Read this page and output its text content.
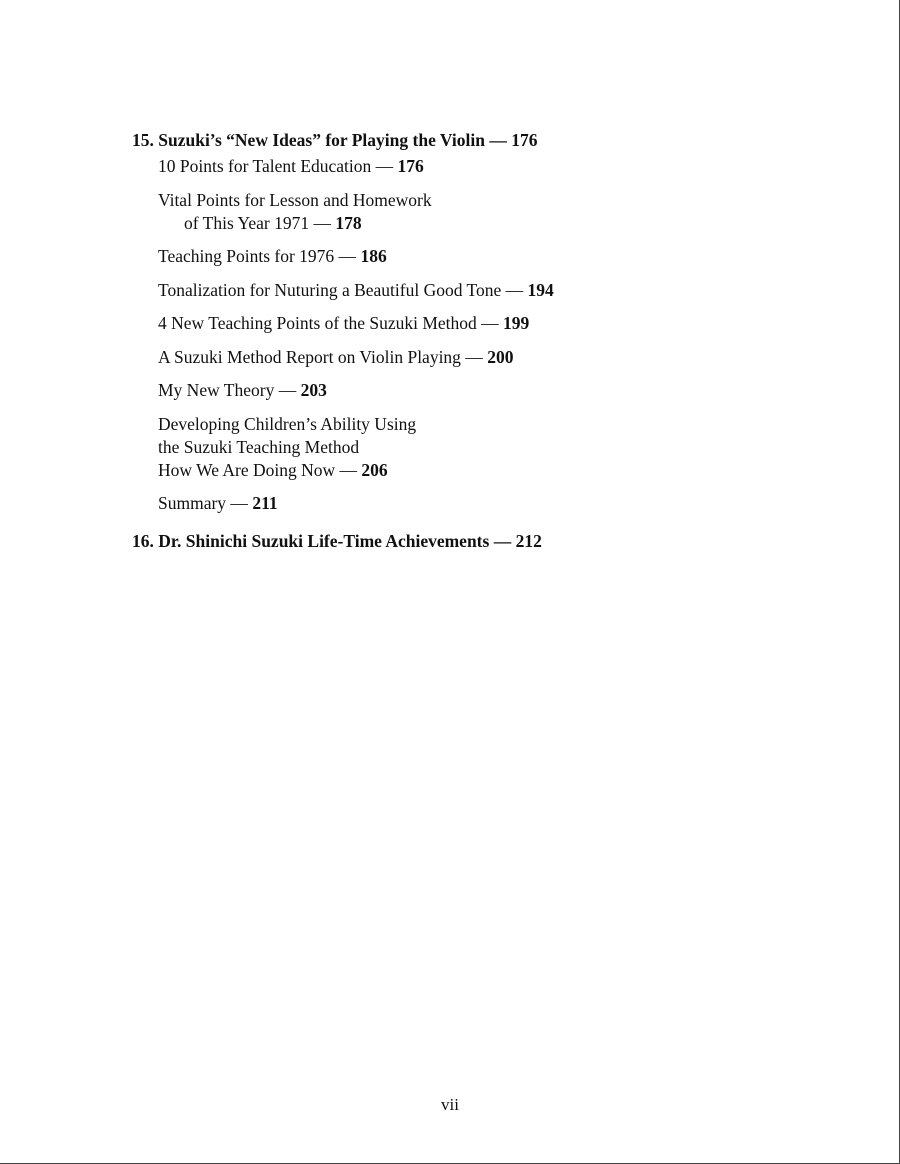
15. Suzuki’s “New Ideas” for Playing the Violin — 176
10 Points for Talent Education — 176
Vital Points for Lesson and Homework
of This Year 1971 — 178
Teaching Points for 1976 — 186
Tonalization for Nuturing a Beautiful Good Tone — 194
4 New Teaching Points of the Suzuki Method — 199
A Suzuki Method Report on Violin Playing — 200
My New Theory — 203
Developing Children’s Ability Using
the Suzuki Teaching Method
How We Are Doing Now — 206
Summary — 211
16. Dr. Shinichi Suzuki Life-Time Achievements — 212
vii
